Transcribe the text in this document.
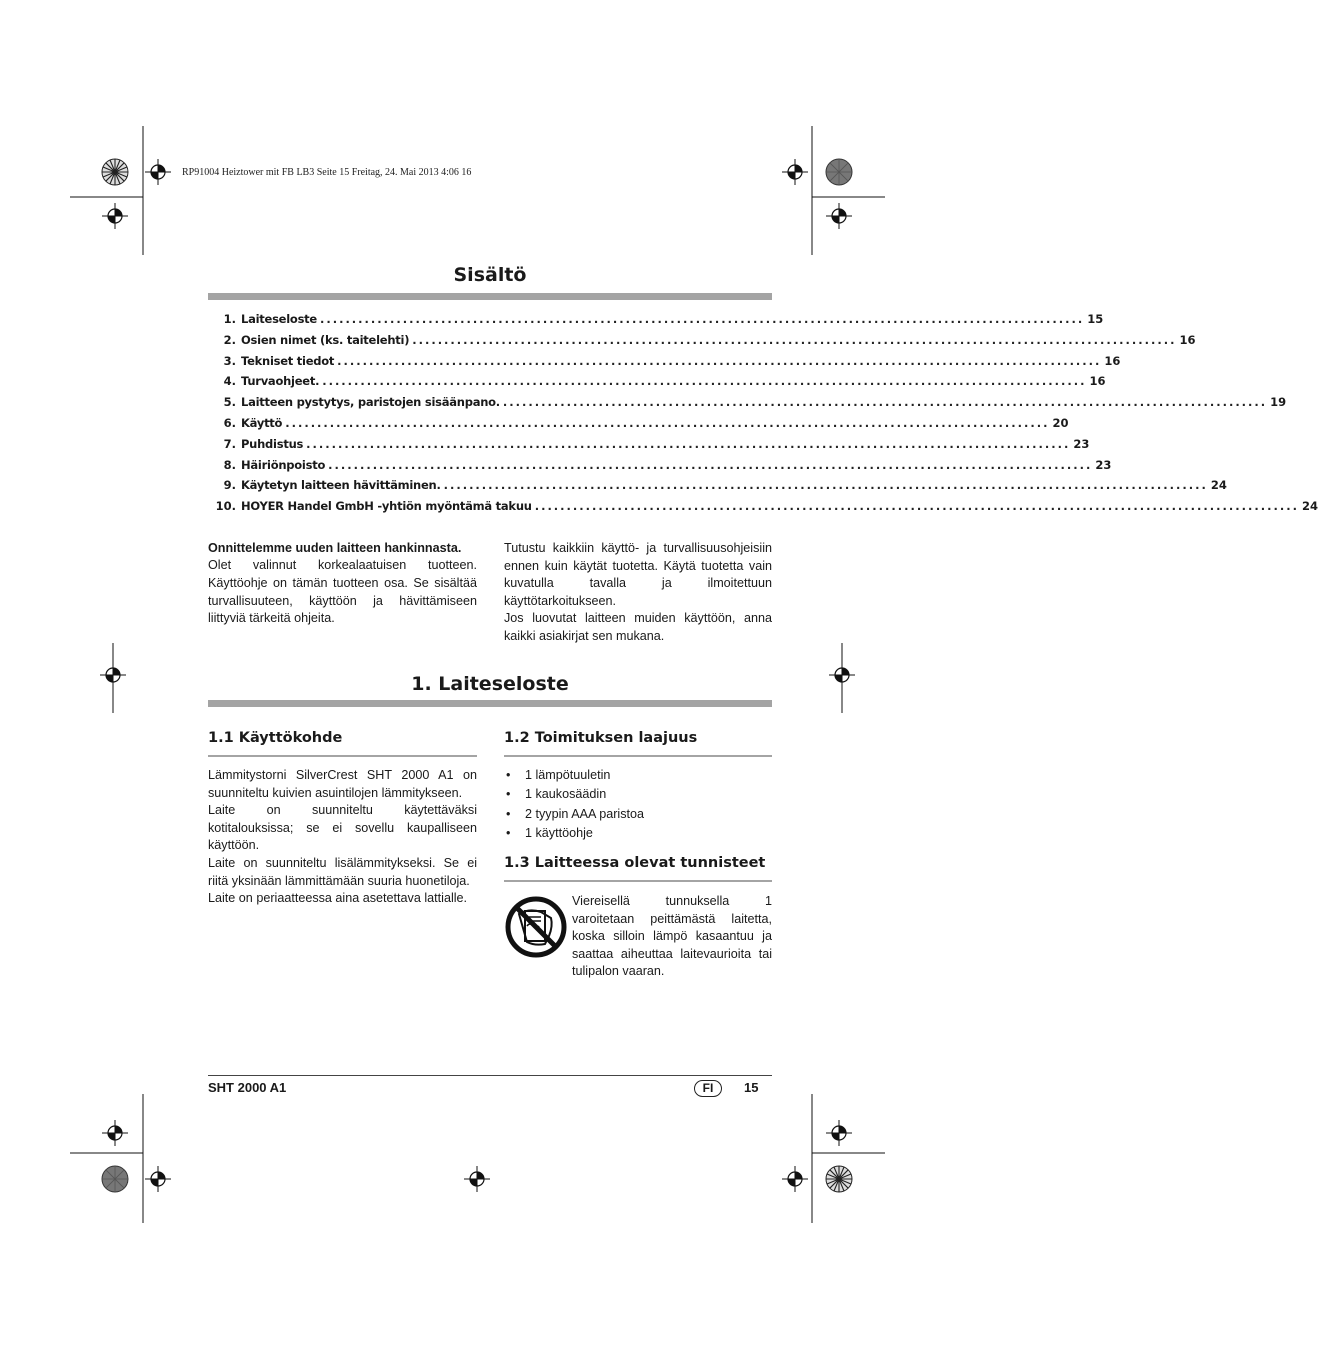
RP91004 Heiztower mit FB LB3 Seite 15 Freitag, 24. Mai 2013 4:06 16
Sisältö
1. Laiteseloste ........................................................................................................................ 15
2. Osien nimet (ks. taitelehti) ........................................................................................................................ 16
3. Tekniset tiedot ........................................................................................................................ 16
4. Turvaohjeet. ........................................................................................................................ 16
5. Laitteen pystytys, paristojen sisäänpano. ........................................................................................................................ 19
6. Käyttö ........................................................................................................................ 20
7. Puhdistus ........................................................................................................................ 23
8. Häiriönpoisto ........................................................................................................................ 23
9. Käytetyn laitteen hävittäminen. ........................................................................................................................ 24
10. HOYER Handel GmbH -yhtiön myöntämä takuu ........................................................................................................................ 24

Onnittelemme uuden laitteen hankinnasta.

Olet valinnut korkealaatuisen tuotteen. Käyttöohje on tämän tuotteen osa. Se sisältää turvallisuuteen, käyttöön ja hävittämiseen liittyviä tärkeitä ohjeita.

Tutustu kaikkiin käyttö- ja turvallisuusohjeisiin ennen kuin käytät tuotetta. Käytä tuotetta vain kuvatulla tavalla ja ilmoitettuun käyttötarkoitukseen.

Jos luovutat laitteen muiden käyttöön, anna kaikki asiakirjat sen mukana.

1. Laiteseloste
1.1 Käyttökohde

Lämmitystorni SilverCrest SHT 2000 A1 on suunniteltu kuivien asuintilojen lämmitykseen.

Laite on suunniteltu käytettäväksi kotitalouksissa; se ei sovellu kaupalliseen käyttöön.

Laite on suunniteltu lisälämmitykseksi. Se ei riitä yksinään lämmittämään suuria huonetiloja.

Laite on periaatteessa aina asetettava lattialle.

1.2 Toimituksen laajuus
• 1 lämpötuuletin
• 1 kaukosäädin
• 2 tyypin AAA paristoa
• 1 käyttöohje
1.3 Laitteessa olevat tunnisteet
Viereisellä tunnuksella 1 varoitetaan peittämästä laitetta, koska silloin lämpö kasaantuu ja saattaa aiheuttaa laitevaurioita tai tulipalon vaaran.
SHT 2000 A1	FI	15
